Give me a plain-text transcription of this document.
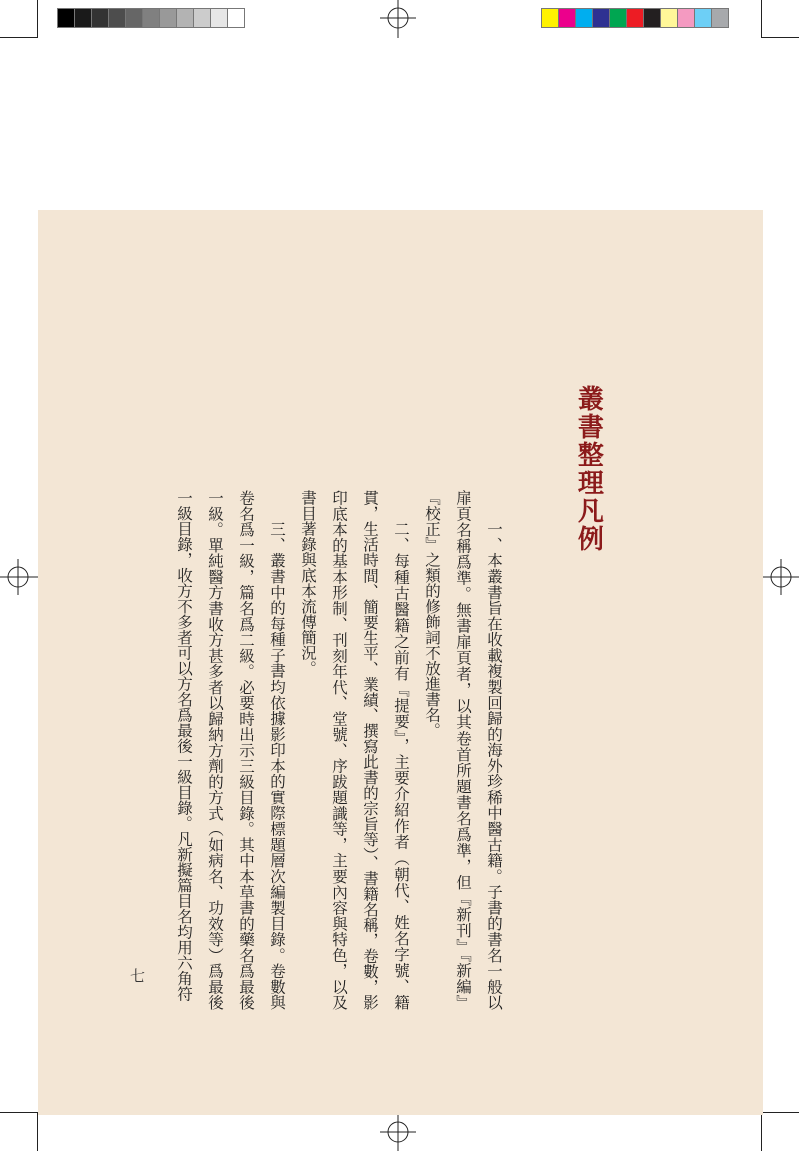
叢書整理凡例

一、本叢書旨在收載複製回歸的海外珍稀中醫古籍。子書的書名一般以扉頁名稱爲準。無書扉頁者，以其卷首所題書名爲準，但『新刊』『新編』『校正』之類的修飾詞不放進書名。

二、每種古醫籍之前有『提要』，主要介紹作者（朝代、姓名字號、籍貫，生活時間、簡要生平、業績、撰寫此書的宗旨等）、書籍名稱，卷數，影印底本的基本形制、刊刻年代、堂號、序跋題識等，主要內容與特色，以及書目著錄與底本流傳簡況。

三、叢書中的每種子書均依據影印本的實際標題層次編製目錄。卷數與卷名爲一級，篇名爲二級。必要時出示三級目錄。其中本草書的藥名爲最後一級。單純醫方書收方甚多者以歸納方劑的方式（如病名、功效等）爲最後一級目錄，收方不多者可以方名爲最後一級目錄。凡新擬篇目名均用六角符

七
